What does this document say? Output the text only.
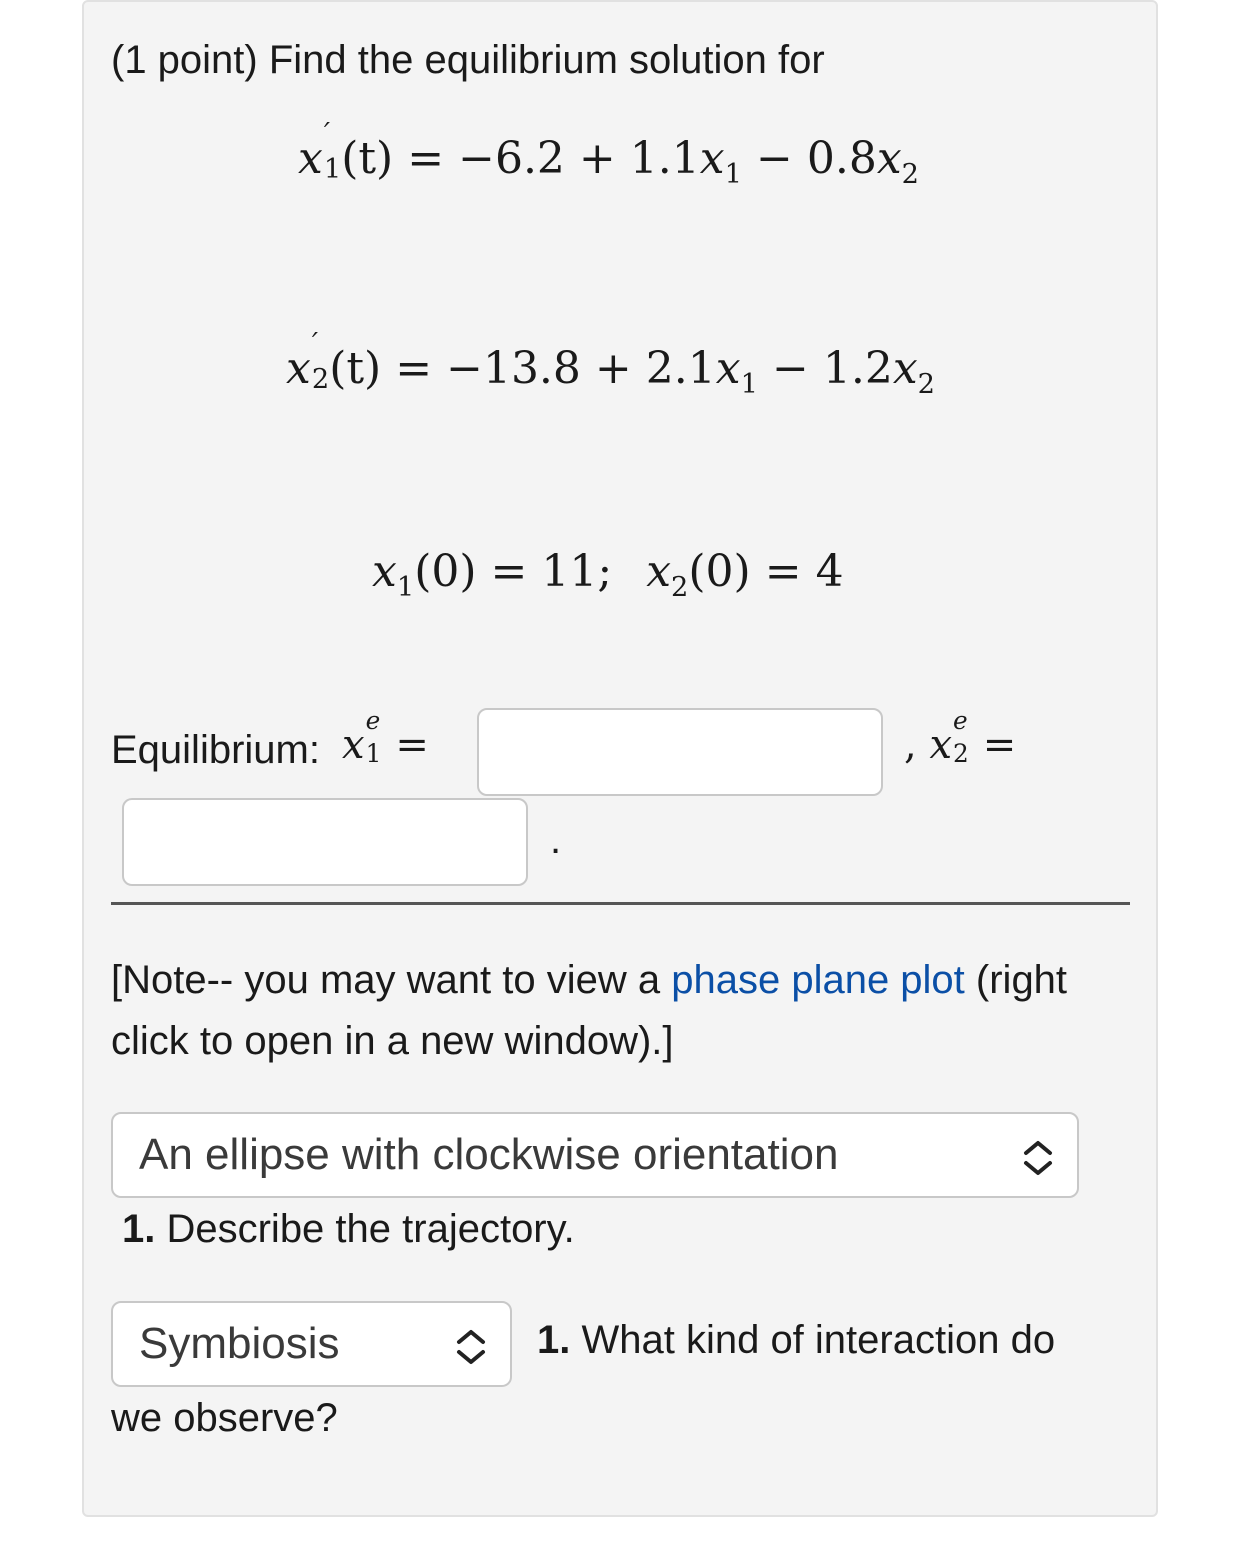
(1 point) Find the equilibrium solution for
x ′
1 $(t) = -6.2 + 1.1x_1 - 0.8x_2$
x ′
2 $(t) = -13.8 + 2.1x_1 - 1.2x_2$
$x_1(0) = 11$; $x_2(0) = 4$
Equilibrium: x
e
1 =	, x
e
2 =
.
[Note-- you may want to view a phase plane plot (right
click to open in a new window).]
An ellipse with clockwise orientation
1. Describe the trajectory.
Symbiosis	1. What kind of interaction do
we observe?
